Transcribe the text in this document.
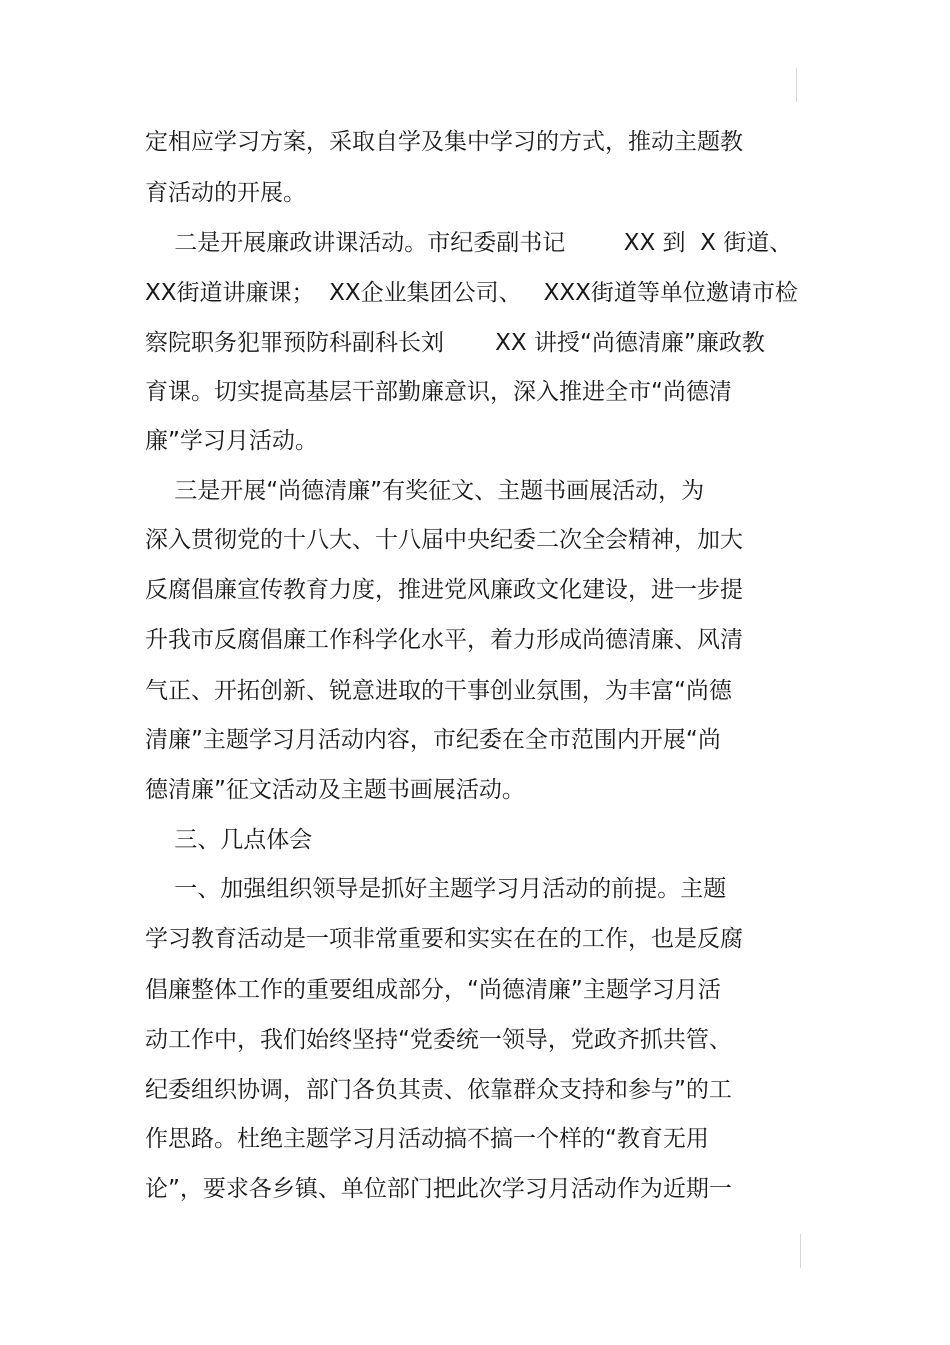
定相应学习方案，采取自学及集中学习的方式，推动主题教
育活动的开展。
二是开展廉政讲课活动。市纪委副书记        XX 到  X 街道、
XX街道讲廉课；  XX企业集团公司、   XXX街道等单位邀请市检
察院职务犯罪预防科副科长刘       XX 讲授“尚德清廉”廉政教
育课。切实提高基层干部勤廉意识，深入推进全市“尚德清
廉”学习月活动。
三是开展“尚德清廉”有奖征文、主题书画展活动，为
深入贯彻党的十八大、十八届中央纪委二次全会精神，加大
反腐倡廉宣传教育力度，推进党风廉政文化建设，进一步提
升我市反腐倡廉工作科学化水平，着力形成尚德清廉、风清
气正、开拓创新、锐意进取的干事创业氛围，为丰富“尚德
清廉”主题学习月活动内容，市纪委在全市范围内开展“尚
德清廉”征文活动及主题书画展活动。
三、几点体会
一、加强组织领导是抓好主题学习月活动的前提。主题
学习教育活动是一项非常重要和实实在在的工作，也是反腐
倡廉整体工作的重要组成部分，“尚德清廉”主题学习月活
动工作中，我们始终坚持“党委统一领导，党政齐抓共管、
纪委组织协调，部门各负其责、依靠群众支持和参与”的工
作思路。杜绝主题学习月活动搞不搞一个样的“教育无用
论”，要求各乡镇、单位部门把此次学习月活动作为近期一
